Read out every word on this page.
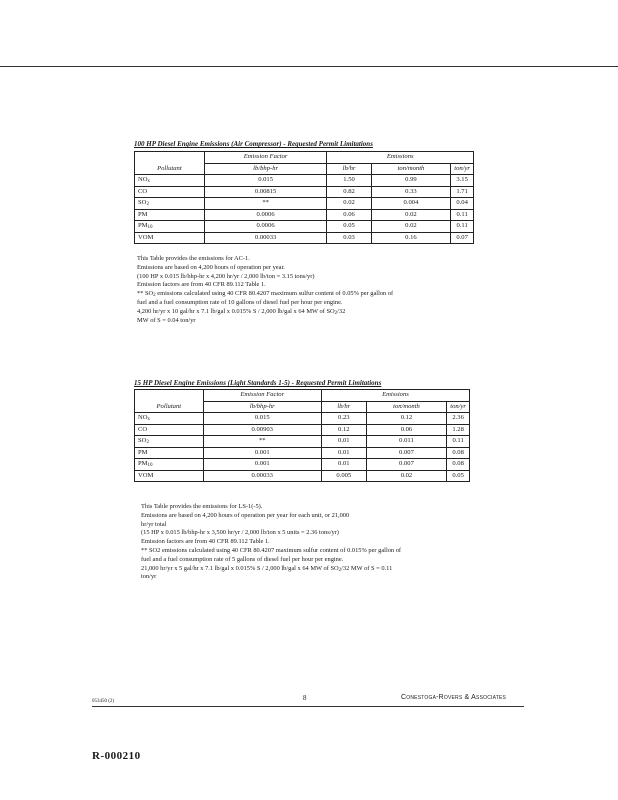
100 HP Diesel Engine Emissions (Air Compressor) - Requested Permit Limitations
Pollutant	Emission Factor	Emissions		
	lb/bhp-hr	lb/hr	ton/month	ton/yr
$NO_x$	0.015	1.50	0.99	3.15
CO	0.00815	0.82	0.33	1.71
$SO_2$	**	0.02	0.004	0.04
PM	0.0006	0.06	0.02	0.11
$PM_{10}$	0.0006	0.05	0.02	0.11
VOM	0.00033	0.03	0.16	0.07

This Table provides the emissions for AC-1.

Emissions are based on 4,200 hours of operation per year.

(100 HP x 0.015 lb/bhp-hr x 4,200 hr/yr / 2,000 lb/ton = 3.15 tons/yr)

Emission factors are from 40 CFR 89.112 Table 1.

** $SO_2$ emissions calculated using 40 CFR 80.4207 maximum sulfur content of 0.05% per gallon of

fuel and a fuel consumption rate of 10 gallons of diesel fuel per hour per engine.

4,200 hr/yr x 10 gal/hr x 7.1 lb/gal x 0.015% S / 2,000 lb/gal x 64 MW of $SO_2/32$

MW of S = 0.04 ton/yr

15 HP Diesel Engine Emissions (Light Standards 1-5) - Requested Permit Limitations
Pollutant	Emission Factor	Emissions		
	lb/bhp-hr	lb/hr	ton/month	ton/yr
$NO_x$	0.015	0.23	0.12	2.36
CO	0.00903	0.12	0.06	1.28
$SO_2$	**	0.01	0.011	0.11
PM	0.001	0.01	0.007	0.08
$PM_{10}$	0.001	0.01	0.007	0.08
VOM	0.00033	0.005	0.02	0.05

This Table provides the emissions for LS-1(-5).

Emissions are based on 4,200 hours of operation per year for each unit, or 21,000

hr/yr total

(15 HP x 0.015 lb/bhp-hr x 3,500 hr/yr / 2,000 lb/ton x 5 units = 2.36 tons/yr)

Emission factors are from 40 CFR 89.112 Table 1.

** SO2 emissions calculated using 40 CFR 80.4207 maximum sulfur content of 0.015% per gallon of

fuel and a fuel consumption rate of 5 gallons of diesel fuel per hour per engine.

21,000 hr/yr x 5 gal/hr x 7.1 lb/gal x 0.015% S / 2,000 lb/gal x 64 MW of $SO_2/32$ MW of S = 0.11

ton/yr

053450 (2)	8	Conestoga-Rovers & Associates
R-000210
